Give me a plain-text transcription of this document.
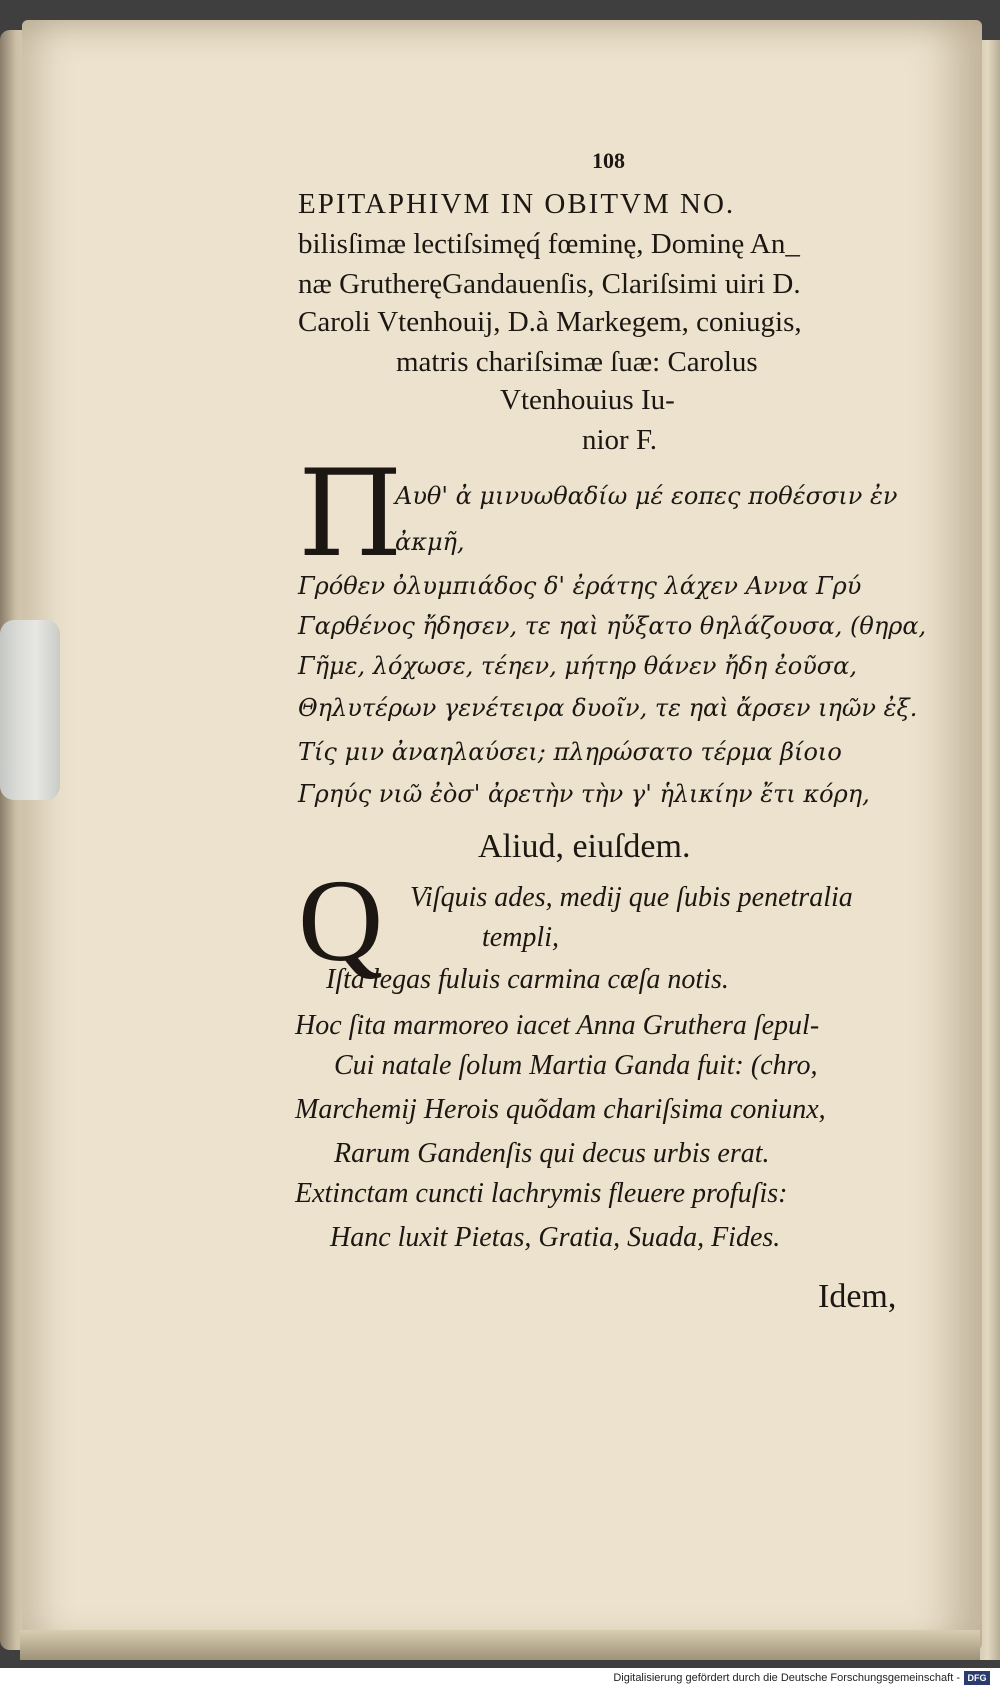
108
EPITAPHIVM IN OBITVM NO.
bilisſimæ lectiſsimęq́ fœminę, Dominę An_
næ GrutheręGandauenſis, Clariſsimi uiri D.
Caroli Vtenhouij, D.à Markegem, coniugis,
matris chariſsimæ ſuæ: Carolus
Vtenhouius Iu-
nior F.
Π
Αυθ' ἀ μινυωθαδίω μέ εοπες ποθέσσιν ἐν
ἀκμῆ,
Γρόθεν ὀλυμπιάδος δ' ἐράτης λάχεν Αννα Γρύ
Γαρθένος ἤδησεν, τε ηαὶ ηὔξατο θηλάζουσα, (θηρα,
Γῆμε, λόχωσε, τέηεν, μήτηρ θάνεν ἤδη ἐοῦσα,
Θηλυτέρων γενέτειρα δυοῖν, τε ηαὶ ἄρσεν ιηῶν ἐξ.
Τίς μιν ἀναηλαύσει; πληρώσατο τέρμα βίοιο
Γρηύς νιῶ ἐὸσ' ἀρετὴν τὴν γ' ἡλικίην ἔτι κόρη,
Aliud, eiuſdem.
Q Viſquis ades, medij que ſubis penetralia
templi,
Iſta legas fuluis carmina cæſa notis.
Hoc ſita marmoreo iacet Anna Gruthera ſepul-
Cui natale ſolum Martia Ganda fuit: (chro,
Marchemij Herois quõdam chariſsima coniunx,
Rarum Gandenſis qui decus urbis erat.
Extinctam cuncti lachrymis fleuere profuſis:
Hanc luxit Pietas, Gratia, Suada, Fides.
Idem,
Digitalisierung gefördert durch die Deutsche Forschungsgemeinschaft - DFG
